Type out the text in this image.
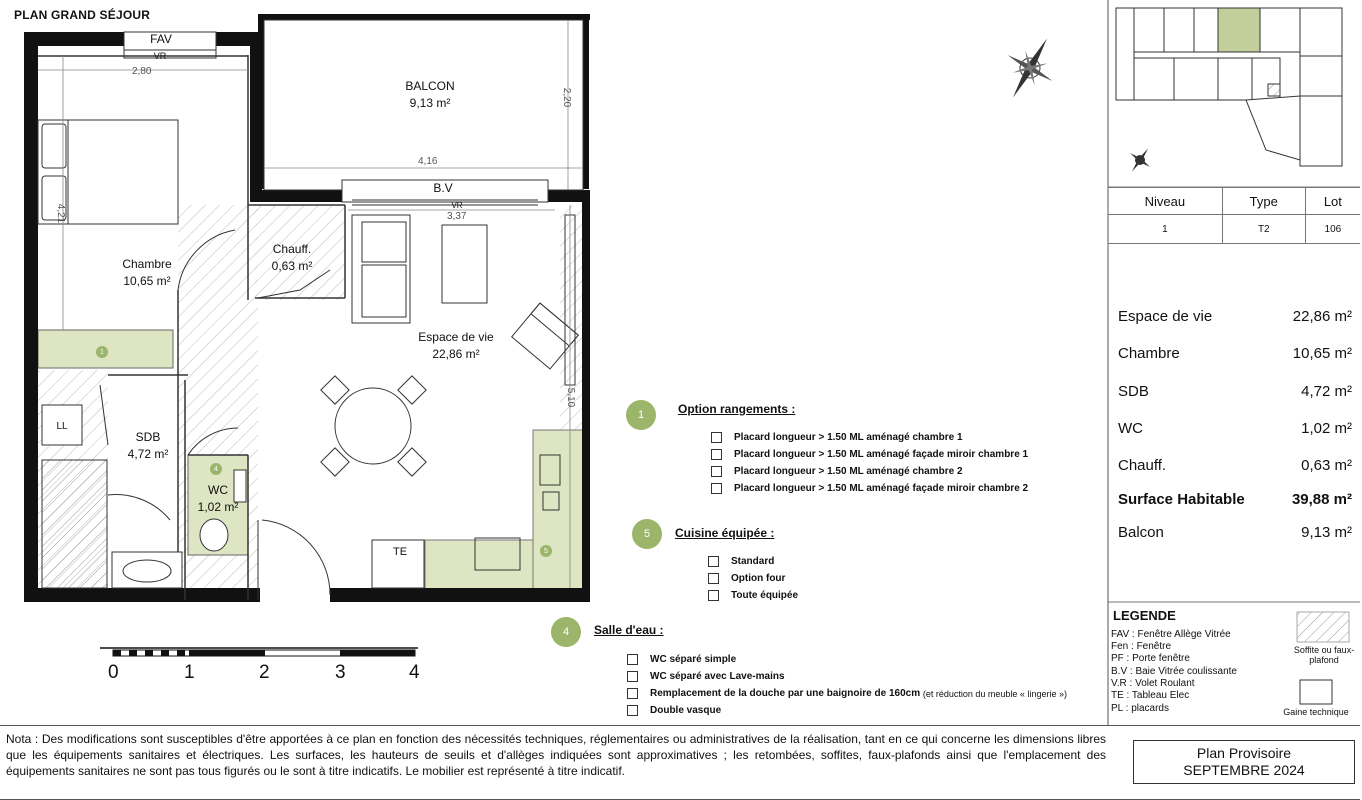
PLAN GRAND SÉJOUR
FAV
VR
B.V
VR
LL
TE
1
4
5
2,80
2,20
4,16
3,37
4,21
5,10
BALCON
9,13 m²
Chambre
10,65 m²
Chauff.
0,63 m²
Espace de vie
22,86 m²
SDB
4,72 m²
WC
1,02 m²
0	1	2	3	4
1	Option rangements :
Placard longueur > 1.50 ML aménagé chambre 1
Placard longueur > 1.50 ML aménagé façade miroir chambre 1
Placard longueur > 1.50 ML aménagé chambre 2
Placard longueur > 1.50 ML aménagé façade miroir chambre 2
5	Cuisine équipée :
Standard
Option four
Toute équipée
4	Salle d'eau :
WC séparé simple
WC séparé avec Lave-mains
Remplacement de la douche par une baignoire de 160cm
(et réduction du meuble « lingerie »)
Double vasque
Niveau	Type	Lot
1	T2	106
Espace de vie	22,86 m²
Chambre	10,65 m²
SDB	4,72 m²
WC	1,02 m²
Chauff.	0,63 m²
Surface Habitable	39,88 m²
Balcon	9,13 m²
LEGENDE
FAV : Fenêtre Allège Vitrée
Fen : Fenêtre
PF : Porte fenêtre
B.V : Baie Vitrée coulissante
V.R : Volet Roulant
TE : Tableau Elec
PL : placards
Soffite ou faux-plafond
Gaine technique
Nota : Des modifications sont susceptibles d'être apportées à ce plan en fonction des nécessités techniques, réglementaires ou administratives de la réalisation, tant en ce qui concerne les dimensions libres que les équipements sanitaires et électriques. Les surfaces, les hauteurs de seuils et d'allèges indiquées sont approximatives ; les retombées, soffites, faux-plafonds ainsi que l'emplacement des équipements sanitaires ne sont pas tous figurés ou le sont à titre indicatifs. Le mobilier est représenté à titre indicatif.
Plan Provisoire
SEPTEMBRE 2024
